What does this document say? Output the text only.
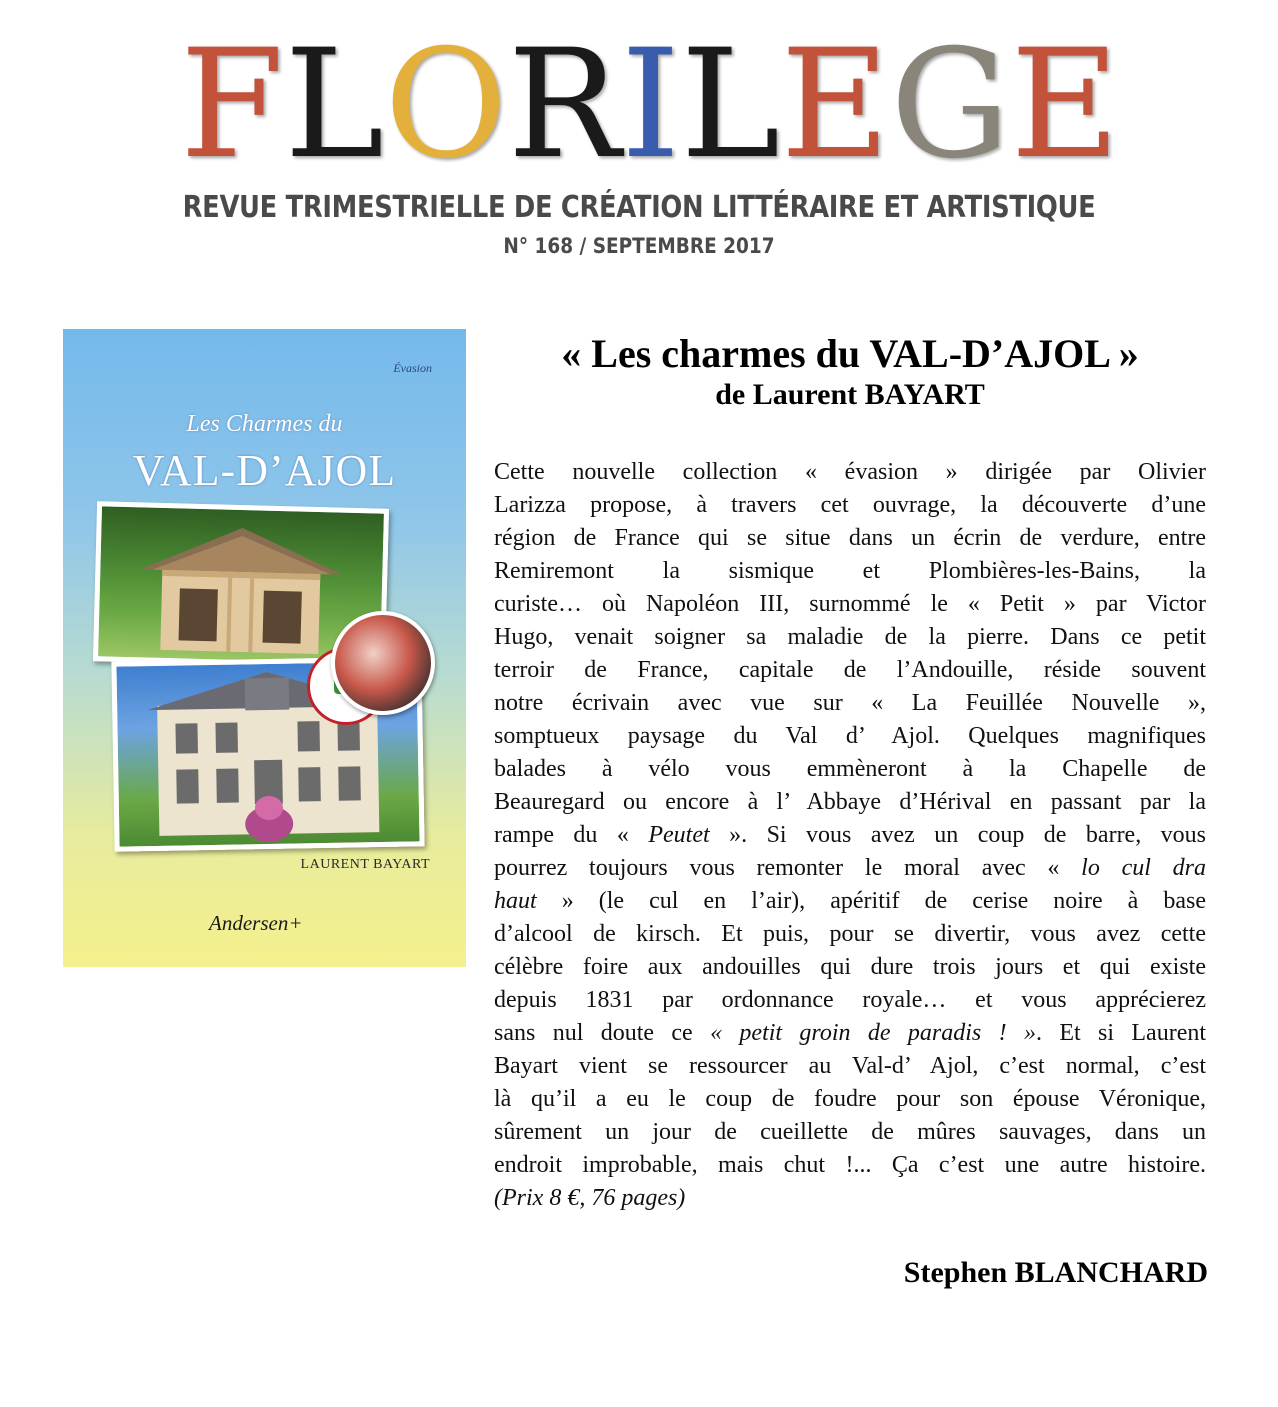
F L O R I L E G E
REVUE TRIMESTRIELLE DE CRÉATION LITTÉRAIRE ET ARTISTIQUE
N° 168 / SEPTEMBRE 2017
Évasion
Les Charmes du
VAL-D’AJOL
LAURENT BAYART
Andersen+
« Les charmes du VAL-D’AJOL »
de Laurent BAYART
Cette nouvelle collection « évasion » dirigée par Olivier
Larizza propose, à travers cet ouvrage, la découverte d’une
région de France qui se situe dans un écrin de verdure, entre
Remiremont la sismique et Plombières-les-Bains, la
curiste… où Napoléon III, surnommé le « Petit » par Victor
Hugo, venait soigner sa maladie de la pierre. Dans ce petit
terroir de France, capitale de l’Andouille, réside souvent
notre écrivain avec vue sur « La Feuillée Nouvelle »,
somptueux paysage du Val d’ Ajol. Quelques magnifiques
balades à vélo vous emmèneront à la Chapelle de
Beauregard ou encore à l’ Abbaye d’Hérival en passant par la
rampe du « Peutet ». Si vous avez un coup de barre, vous
pourrez toujours vous remonter le moral avec « lo cul dra
haut » (le cul en l’air), apéritif de cerise noire à base
d’alcool de kirsch. Et puis, pour se divertir, vous avez cette
célèbre foire aux andouilles qui dure trois jours et qui existe
depuis 1831 par ordonnance royale… et vous apprécierez
sans nul doute ce « petit groin de paradis ! ». Et si Laurent
Bayart vient se ressourcer au Val-d’ Ajol, c’est normal, c’est
là qu’il a eu le coup de foudre pour son épouse Véronique,
sûrement un jour de cueillette de mûres sauvages, dans un
endroit improbable, mais chut !... Ça c’est une autre histoire.
(Prix 8 €, 76 pages)
Stephen BLANCHARD
